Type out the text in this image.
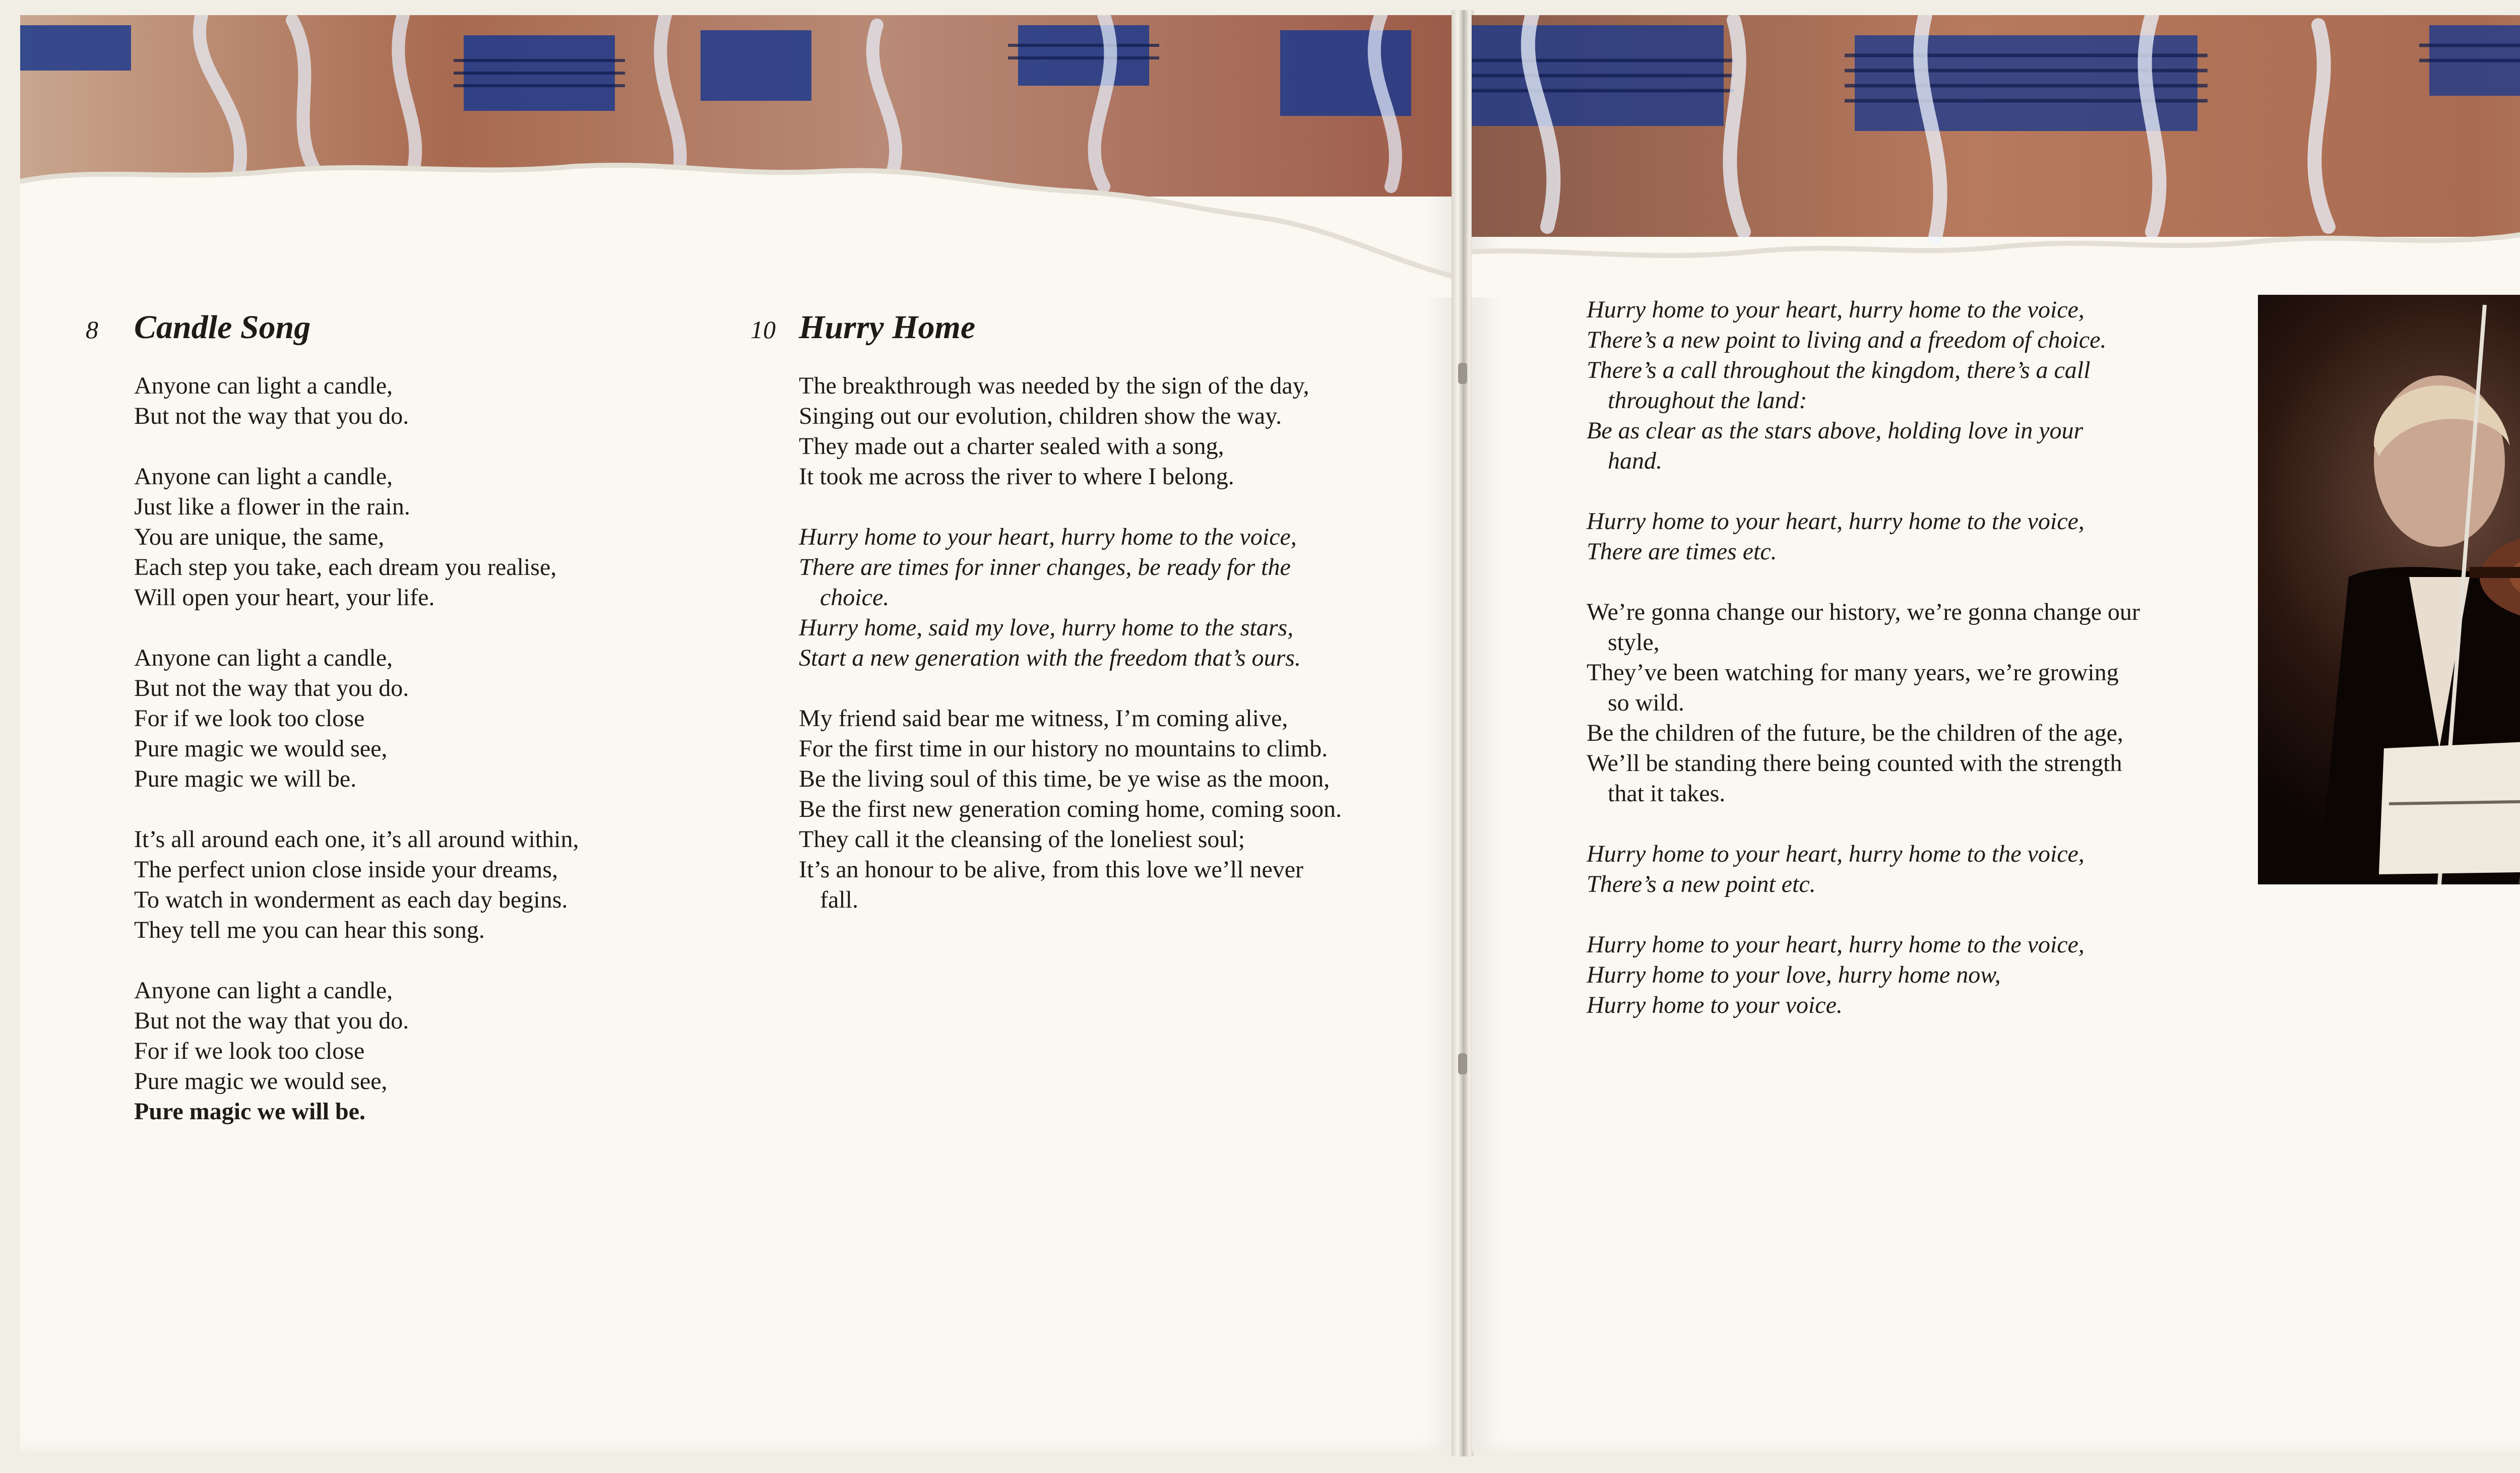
8	Candle Song
Anyone can light a candle,
But not the way that you do.
Anyone can light a candle,
Just like a flower in the rain.
You are unique, the same,
Each step you take, each dream you realise,
Will open your heart, your life.
Anyone can light a candle,
But not the way that you do.
For if we look too close
Pure magic we would see,
Pure magic we will be.
It’s all around each one, it’s all around within,
The perfect union close inside your dreams,
To watch in wonderment as each day begins.
They tell me you can hear this song.
Anyone can light a candle,
But not the way that you do.
For if we look too close
Pure magic we would see,
Pure magic we will be.
10 Hurry Home
The breakthrough was needed by the sign of the day,
Singing out our evolution, children show the way.
They made out a charter sealed with a song,
It took me across the river to where I belong.
Hurry home to your heart, hurry home to the voice,
There are times for inner changes, be ready for the choice.
Hurry home, said my love, hurry home to the stars,
Start a new generation with the freedom that’s ours.
My friend said bear me witness, I’m coming alive,
For the first time in our history no mountains to climb.
Be the living soul of this time, be ye wise as the moon,
Be the first new generation coming home, coming soon.
They call it the cleansing of the loneliest soul;
It’s an honour to be alive, from this love we’ll never fall.
Hurry home to your heart, hurry home to the voice,
There’s a new point to living and a freedom of choice.
There’s a call throughout the kingdom, there’s a call throughout the land:
Be as clear as the stars above, holding love in your hand.
Hurry home to your heart, hurry home to the voice,
There are times etc.
We’re gonna change our history, we’re gonna change our style,
They’ve been watching for many years, we’re growing so wild.
Be the children of the future, be the children of the age,
We’ll be standing there being counted with the strength that it takes.
Hurry home to your heart, hurry home to the voice,
There’s a new point etc.
Hurry home to your heart, hurry home to the voice,
Hurry home to your love, hurry home now,
Hurry home to your voice.
